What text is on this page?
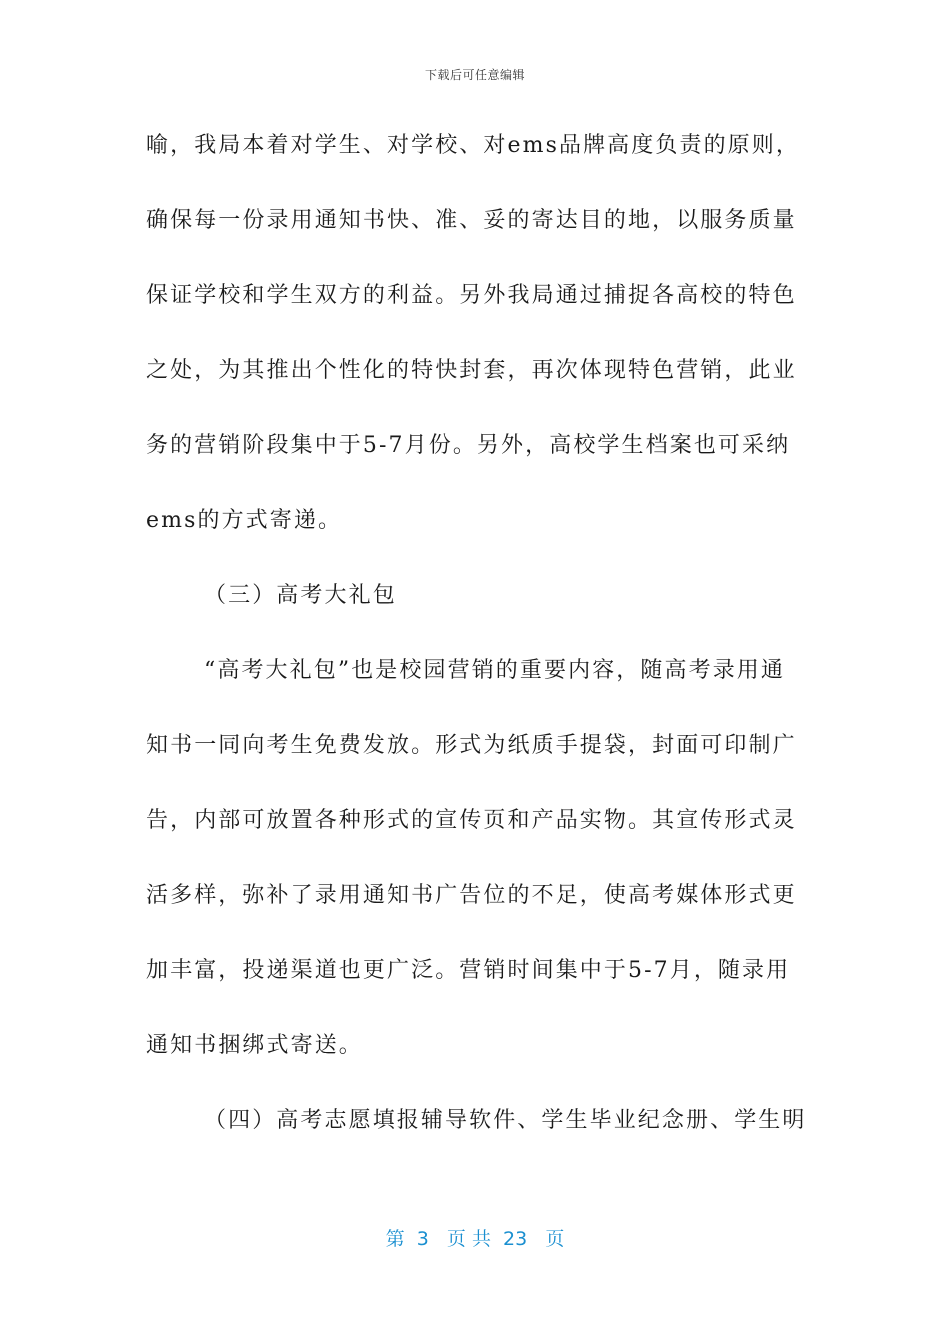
下载后可任意编辑
喻，我局本着对学生、对学校、对ems品牌高度负责的原则，
确保每一份录用通知书快、准、妥的寄达目的地，以服务质量
保证学校和学生双方的利益。另外我局通过捕捉各高校的特色
之处，为其推出个性化的特快封套，再次体现特色营销，此业
务的营销阶段集中于5-7月份。另外，高校学生档案也可采纳
ems的方式寄递。
（三）高考大礼包
“高考大礼包”也是校园营销的重要内容，随高考录用通
知书一同向考生免费发放。形式为纸质手提袋，封面可印制广
告，内部可放置各种形式的宣传页和产品实物。其宣传形式灵
活多样，弥补了录用通知书广告位的不足，使高考媒体形式更
加丰富，投递渠道也更广泛。营销时间集中于5-7月，随录用
通知书捆绑式寄送。
（四）高考志愿填报辅导软件、学生毕业纪念册、学生明
第  3   页 共  23   页
